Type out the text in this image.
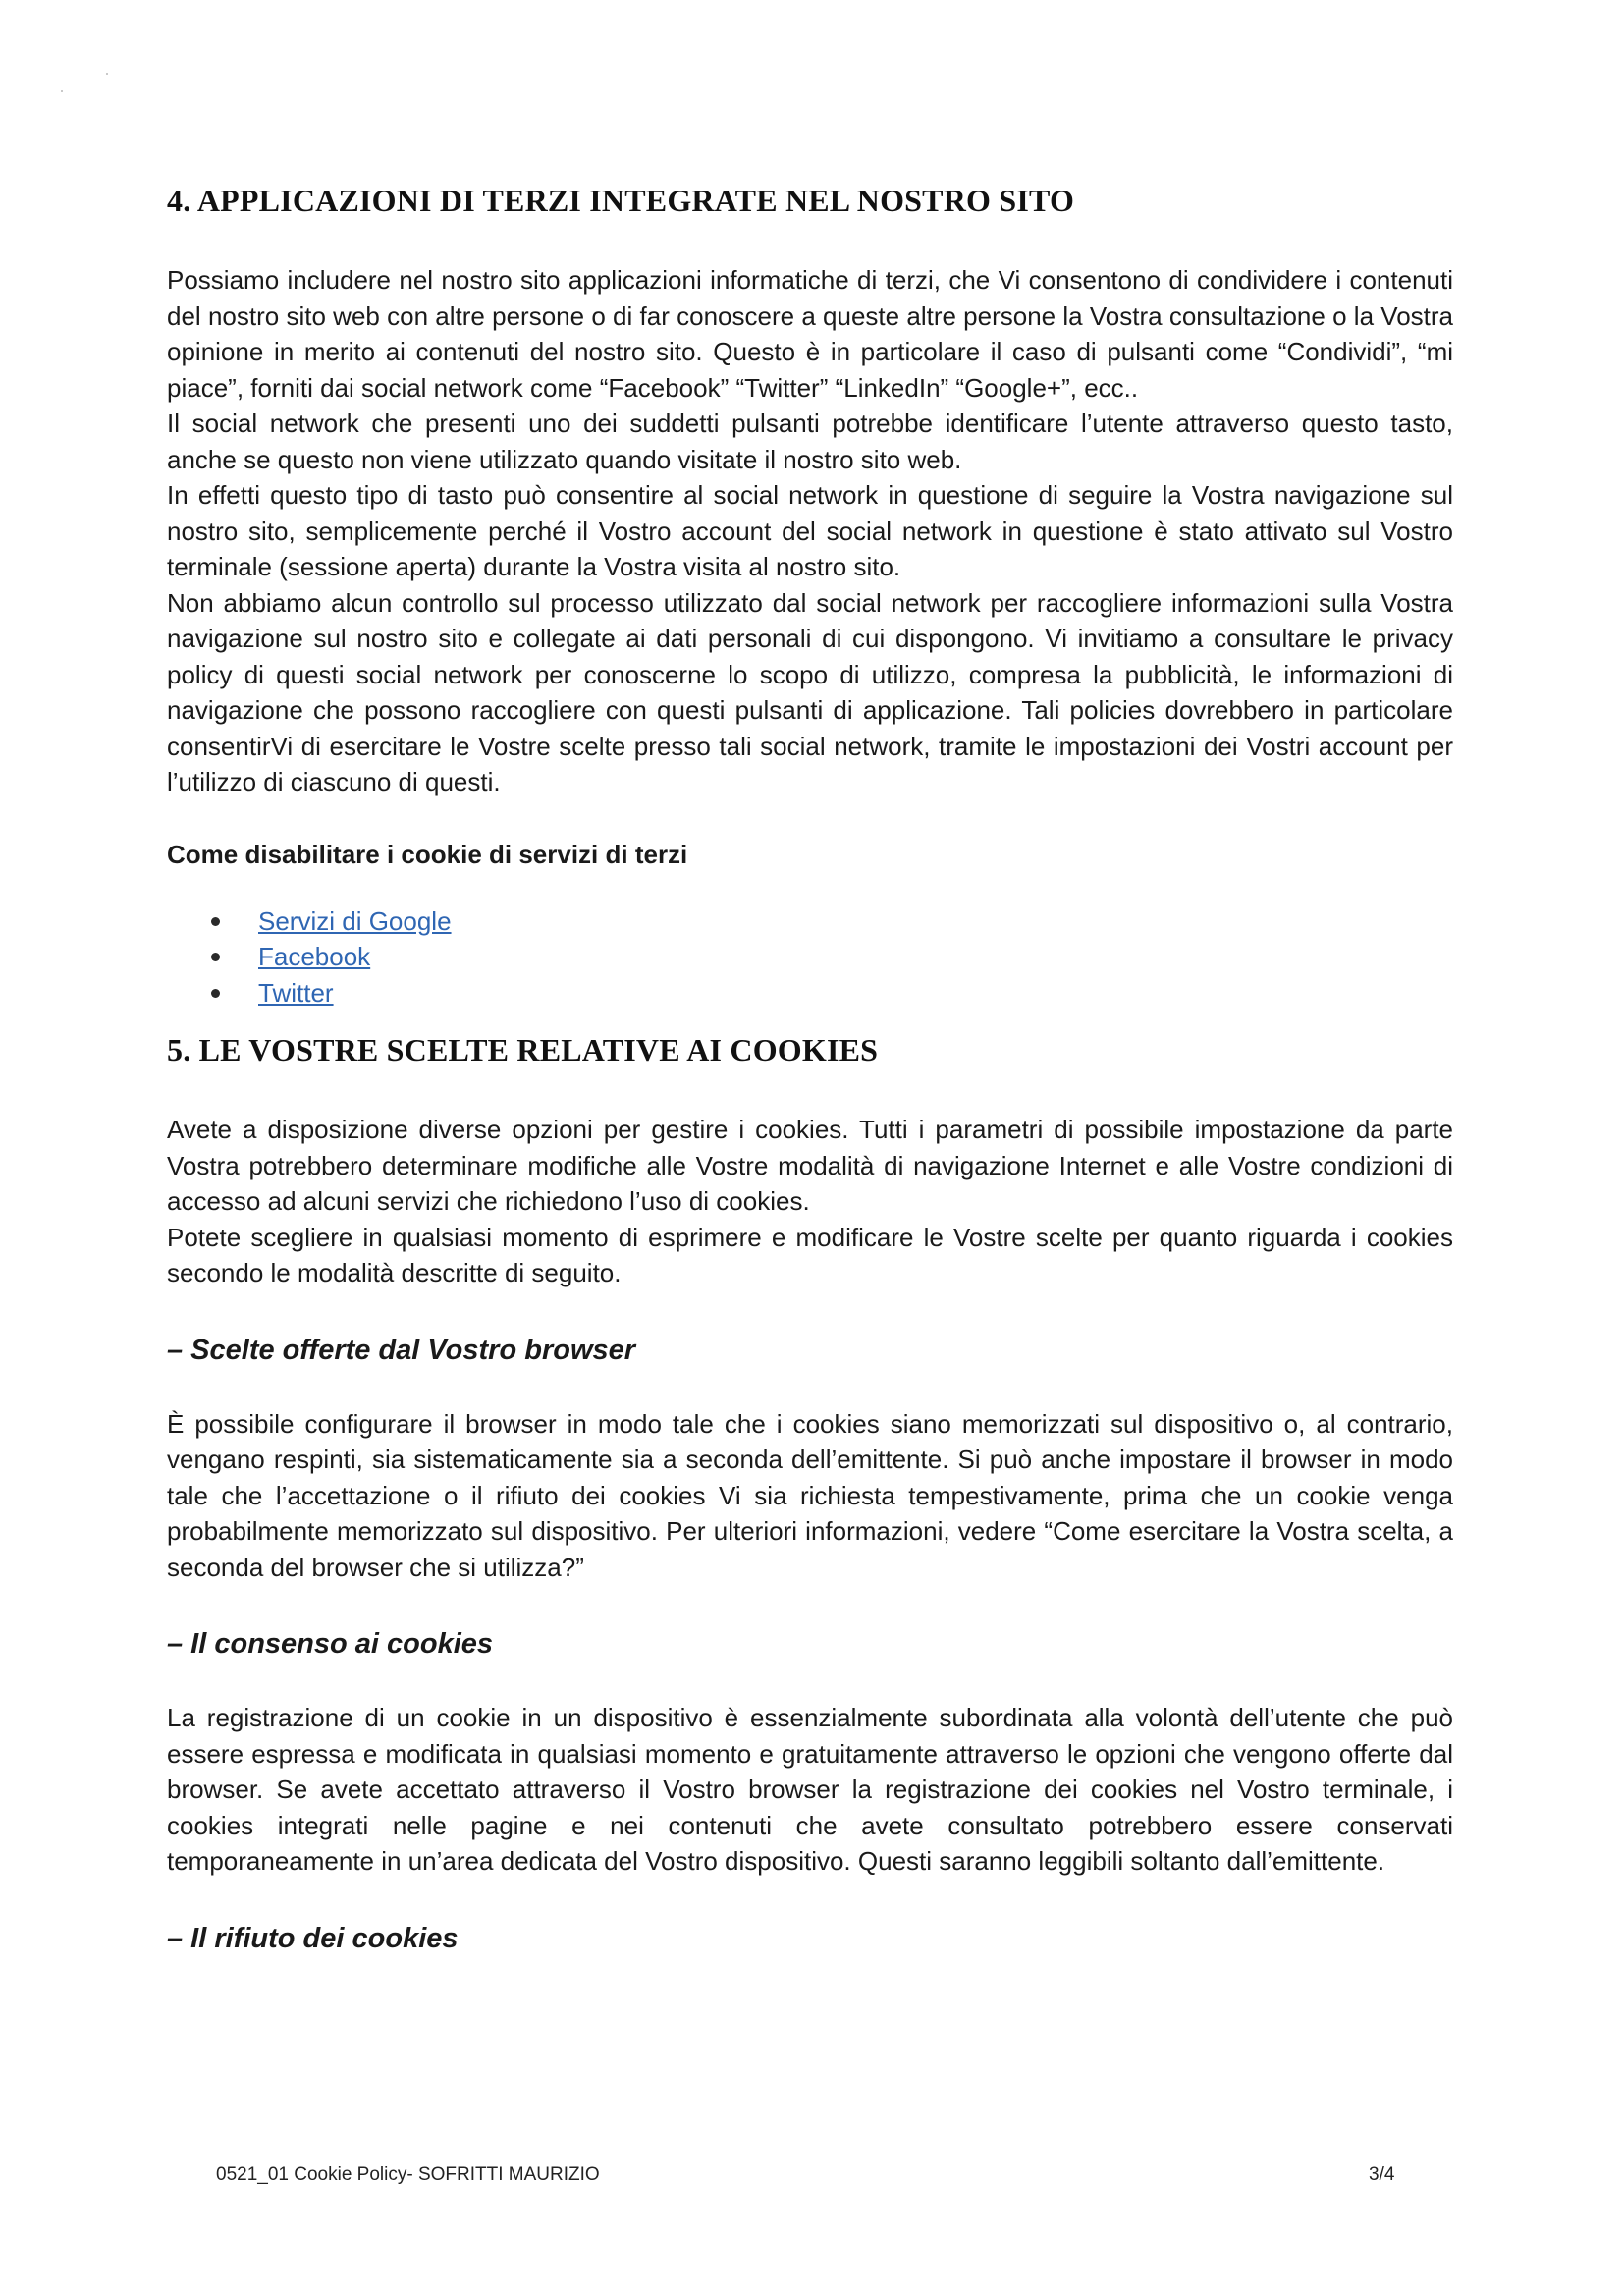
4. APPLICAZIONI DI TERZI INTEGRATE NEL NOSTRO SITO

Possiamo includere nel nostro sito applicazioni informatiche di terzi, che Vi consentono di condividere i contenuti del nostro sito web con altre persone o di far conoscere a queste altre persone la Vostra consultazione o la Vostra opinione in merito ai contenuti del nostro sito. Questo è in particolare il caso di pulsanti come “Condividi”, “mi piace”, forniti dai social network come “Facebook” “Twitter” “LinkedIn” “Google+”, ecc..

Il social network che presenti uno dei suddetti pulsanti potrebbe identificare l’utente attraverso questo tasto, anche se questo non viene utilizzato quando visitate il nostro sito web.

In effetti questo tipo di tasto può consentire al social network in questione di seguire la Vostra navigazione sul nostro sito, semplicemente perché il Vostro account del social network in questione è stato attivato sul Vostro terminale (sessione aperta) durante la Vostra visita al nostro sito.

Non abbiamo alcun controllo sul processo utilizzato dal social network per raccogliere informazioni sulla Vostra navigazione sul nostro sito e collegate ai dati personali di cui dispongono. Vi invitiamo a consultare le privacy policy di questi social network per conoscerne lo scopo di utilizzo, compresa la pubblicità, le informazioni di navigazione che possono raccogliere con questi pulsanti di applicazione. Tali policies dovrebbero in particolare consentirVi di esercitare le Vostre scelte presso tali social network, tramite le impostazioni dei Vostri account per l’utilizzo di ciascuno di questi.

Come disabilitare i cookie di servizi di terzi
Servizi di Google
Facebook
Twitter
5. LE VOSTRE SCELTE RELATIVE AI COOKIES

Avete a disposizione diverse opzioni per gestire i cookies. Tutti i parametri di possibile impostazione da parte Vostra potrebbero determinare modifiche alle Vostre modalità di navigazione Internet e alle Vostre condizioni di accesso ad alcuni servizi che richiedono l’uso di cookies.

Potete scegliere in qualsiasi momento di esprimere e modificare le Vostre scelte per quanto riguarda i cookies secondo le modalità descritte di seguito.

– Scelte offerte dal Vostro browser

È possibile configurare il browser in modo tale che i cookies siano memorizzati sul dispositivo o, al contrario, vengano respinti, sia sistematicamente sia a seconda dell’emittente. Si può anche impostare il browser in modo tale che l’accettazione o il rifiuto dei cookies Vi sia richiesta tempestivamente, prima che un cookie venga probabilmente memorizzato sul dispositivo. Per ulteriori informazioni, vedere “Come esercitare la Vostra scelta, a seconda del browser che si utilizza?”

– Il consenso ai cookies

La registrazione di un cookie in un dispositivo è essenzialmente subordinata alla volontà dell’utente che può essere espressa e modificata in qualsiasi momento e gratuitamente attraverso le opzioni che vengono offerte dal browser. Se avete accettato attraverso il Vostro browser la registrazione dei cookies nel Vostro terminale, i cookies integrati nelle pagine e nei contenuti che avete consultato potrebbero essere conservati temporaneamente in un’area dedicata del Vostro dispositivo. Questi saranno leggibili soltanto dall’emittente.

– Il rifiuto dei cookies
0521_01 Cookie Policy- SOFRITTI MAURIZIO	3/4
